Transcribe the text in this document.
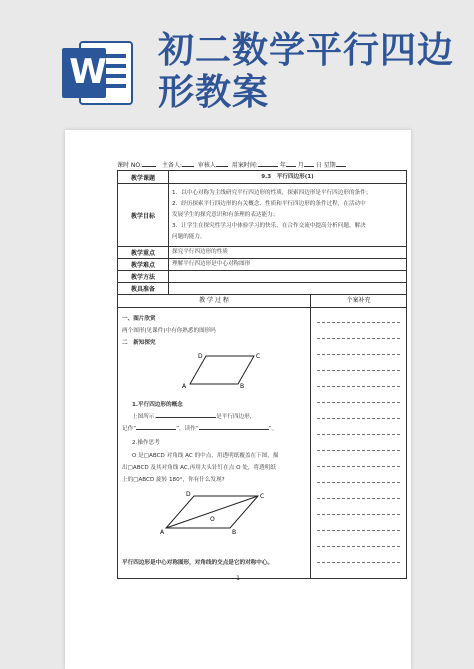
W
初二数学平行四边
形教案
课时 NO:	主备人:	审核人	用案时间:	年 月 日 星期
教学课题	9.3　平行四边形(1)
教学目标
1．以中心对称为主线研究平行四边形的性质，探索四边形是平行四边形的条件；
2．经历探索平行四边形的有关概念、性质和平行四边形的条件过程，在活动中
发展学生的探究意识和有条理的表达能力；
3．让学生在探究性学习中体验学习的快乐，在合作交流中提高分析问题、解决
问题的能力。
教学重点	探究平行四边形的性质
教学难点	理解平行四边形是中心对称图形
教学方法
教具准备
教 学 过 程	个案补充
一、图片欣赏
两个图形(见课件)中有你熟悉的图形吗
二　新知探究
A	B
C
D
1.平行四边形的概念
上图所示,	是平行四边形,
记作“	”，读作“	”。
2.操作思考
O 是□ABCD 对角线 AC 的中点，用透明纸覆盖在下图，描
出□ABCD 及其对角线 AC,再用大头针钉在点 O 处，将透明纸
上的□ABCD 旋转 180°，你有什么发现?
A	B
C
D
O
平行四边形是中心对称图形，对角线的交点是它的对称中心。
- 1 -
